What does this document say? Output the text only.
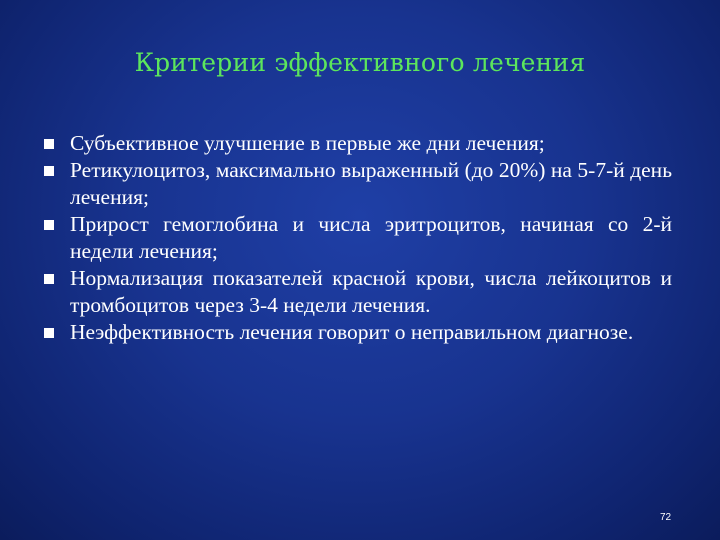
Критерии эффективного лечения
Субъективное улучшение в первые же дни лечения;
Ретикулоцитоз, максимально выраженный (до 20%) на 5-7-й день лечения;
Прирост гемоглобина и числа эритроцитов, начиная со 2-й недели лечения;
Нормализация показателей красной крови, числа лейкоцитов и тромбоцитов через 3-4 недели лечения.
Неэффективность лечения говорит о неправильном диагнозе.
72
